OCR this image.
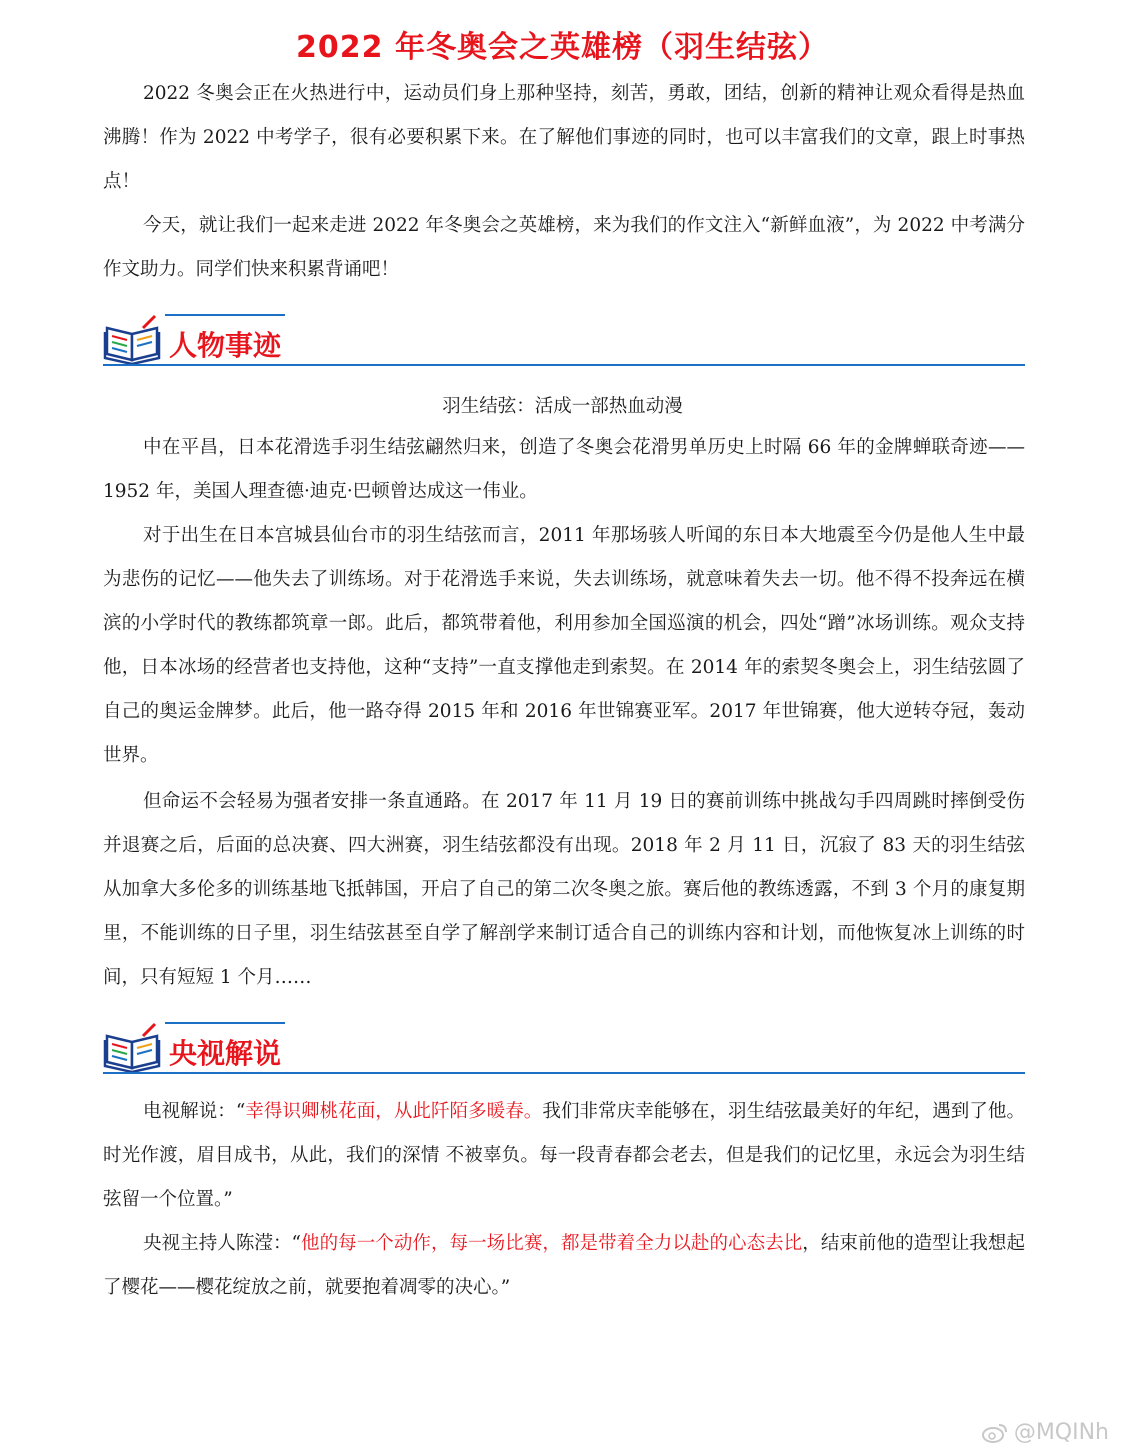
2022 年冬奥会之英雄榜（羽生结弦）

2022 冬奥会正在火热进行中，运动员们身上那种坚持，刻苦，勇敢，团结，创新的精神让观众看得是热血沸腾！作为 2022 中考学子，很有必要积累下来。在了解他们事迹的同时，也可以丰富我们的文章，跟上时事热点！

今天，就让我们一起来走进 2022 年冬奥会之英雄榜，来为我们的作文注入“新鲜血液”，为 2022 中考满分作文助力。同学们快来积累背诵吧！

人物事迹
羽生结弦：活成一部热血动漫

中在平昌，日本花滑选手羽生结弦翩然归来，创造了冬奥会花滑男单历史上时隔 66 年的金牌蝉联奇迹——1952 年，美国人理查德·迪克·巴顿曾达成这一伟业。

对于出生在日本宫城县仙台市的羽生结弦而言，2011 年那场骇人听闻的东日本大地震至今仍是他人生中最为悲伤的记忆——他失去了训练场。对于花滑选手来说，失去训练场，就意味着失去一切。他不得不投奔远在横滨的小学时代的教练都筑章一郎。此后，都筑带着他，利用参加全国巡演的机会，四处“蹭”冰场训练。观众支持他，日本冰场的经营者也支持他，这种“支持”一直支撑他走到索契。在 2014 年的索契冬奥会上，羽生结弦圆了自己的奥运金牌梦。此后，他一路夺得 2015 年和 2016 年世锦赛亚军。2017 年世锦赛，他大逆转夺冠，轰动世界。

但命运不会轻易为强者安排一条直通路。在 2017 年 11 月 19 日的赛前训练中挑战勾手四周跳时摔倒受伤并退赛之后，后面的总决赛、四大洲赛，羽生结弦都没有出现。2018 年 2 月 11 日，沉寂了 83 天的羽生结弦从加拿大多伦多的训练基地飞抵韩国，开启了自己的第二次冬奥之旅。赛后他的教练透露，不到 3 个月的康复期里，不能训练的日子里，羽生结弦甚至自学了解剖学来制订适合自己的训练内容和计划，而他恢复冰上训练的时间，只有短短 1 个月……

央视解说

电视解说：“幸得识卿桃花面，从此阡陌多暖春。我们非常庆幸能够在，羽生结弦最美好的年纪，遇到了他。时光作渡，眉目成书，从此，我们的深情 不被辜负。每一段青春都会老去，但是我们的记忆里，永远会为羽生结弦留一个位置。”

央视主持人陈滢：“他的每一个动作，每一场比赛，都是带着全力以赴的心态去比，结束前他的造型让我想起了樱花——樱花绽放之前，就要抱着凋零的决心。”

@MQINh
